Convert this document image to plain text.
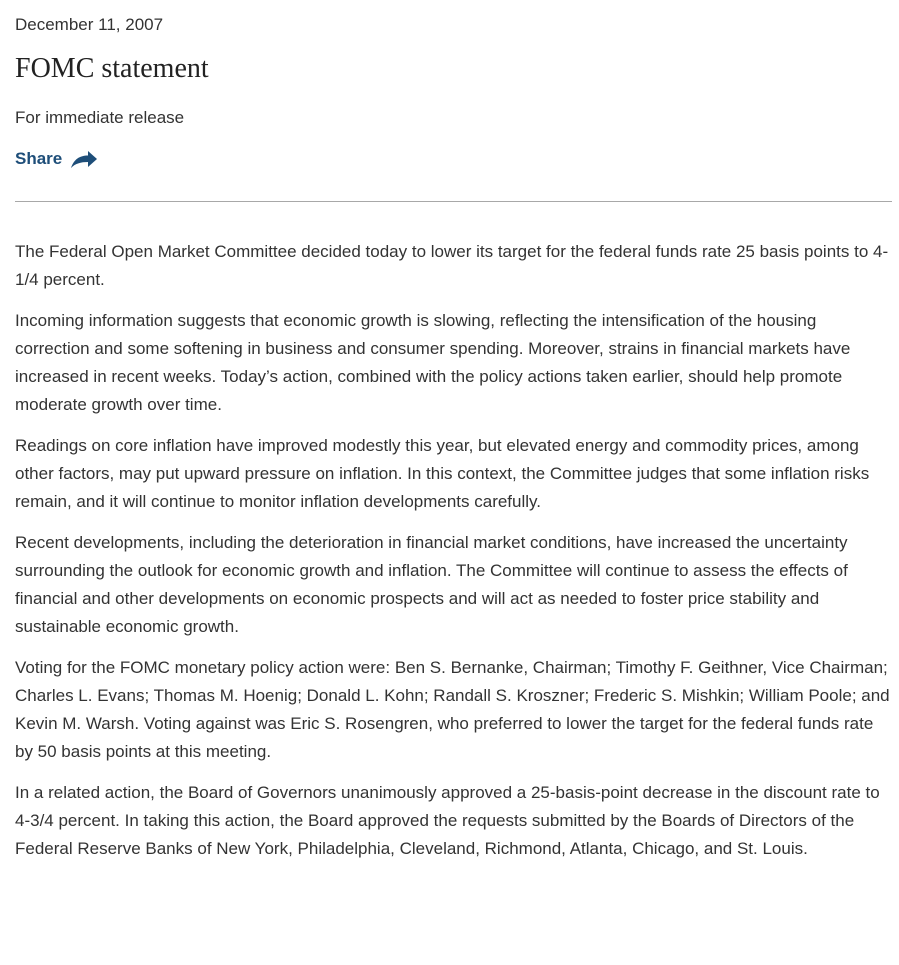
December 11, 2007
FOMC statement
For immediate release
Share

The Federal Open Market Committee decided today to lower its target for the federal funds rate 25 basis points to 4-1/4 percent.

Incoming information suggests that economic growth is slowing, reflecting the intensification of the housing correction and some softening in business and consumer spending. Moreover, strains in financial markets have increased in recent weeks. Today’s action, combined with the policy actions taken earlier, should help promote moderate growth over time.

Readings on core inflation have improved modestly this year, but elevated energy and commodity prices, among other factors, may put upward pressure on inflation. In this context, the Committee judges that some inflation risks remain, and it will continue to monitor inflation developments carefully.

Recent developments, including the deterioration in financial market conditions, have increased the uncertainty surrounding the outlook for economic growth and inflation. The Committee will continue to assess the effects of financial and other developments on economic prospects and will act as needed to foster price stability and sustainable economic growth.

Voting for the FOMC monetary policy action were: Ben S. Bernanke, Chairman; Timothy F. Geithner, Vice Chairman; Charles L. Evans; Thomas M. Hoenig; Donald L. Kohn; Randall S. Kroszner; Frederic S. Mishkin; William Poole; and Kevin M. Warsh. Voting against was Eric S. Rosengren, who preferred to lower the target for the federal funds rate by 50 basis points at this meeting.

In a related action, the Board of Governors unanimously approved a 25-basis-point decrease in the discount rate to 4-3/4 percent. In taking this action, the Board approved the requests submitted by the Boards of Directors of the Federal Reserve Banks of New York, Philadelphia, Cleveland, Richmond, Atlanta, Chicago, and St. Louis.
